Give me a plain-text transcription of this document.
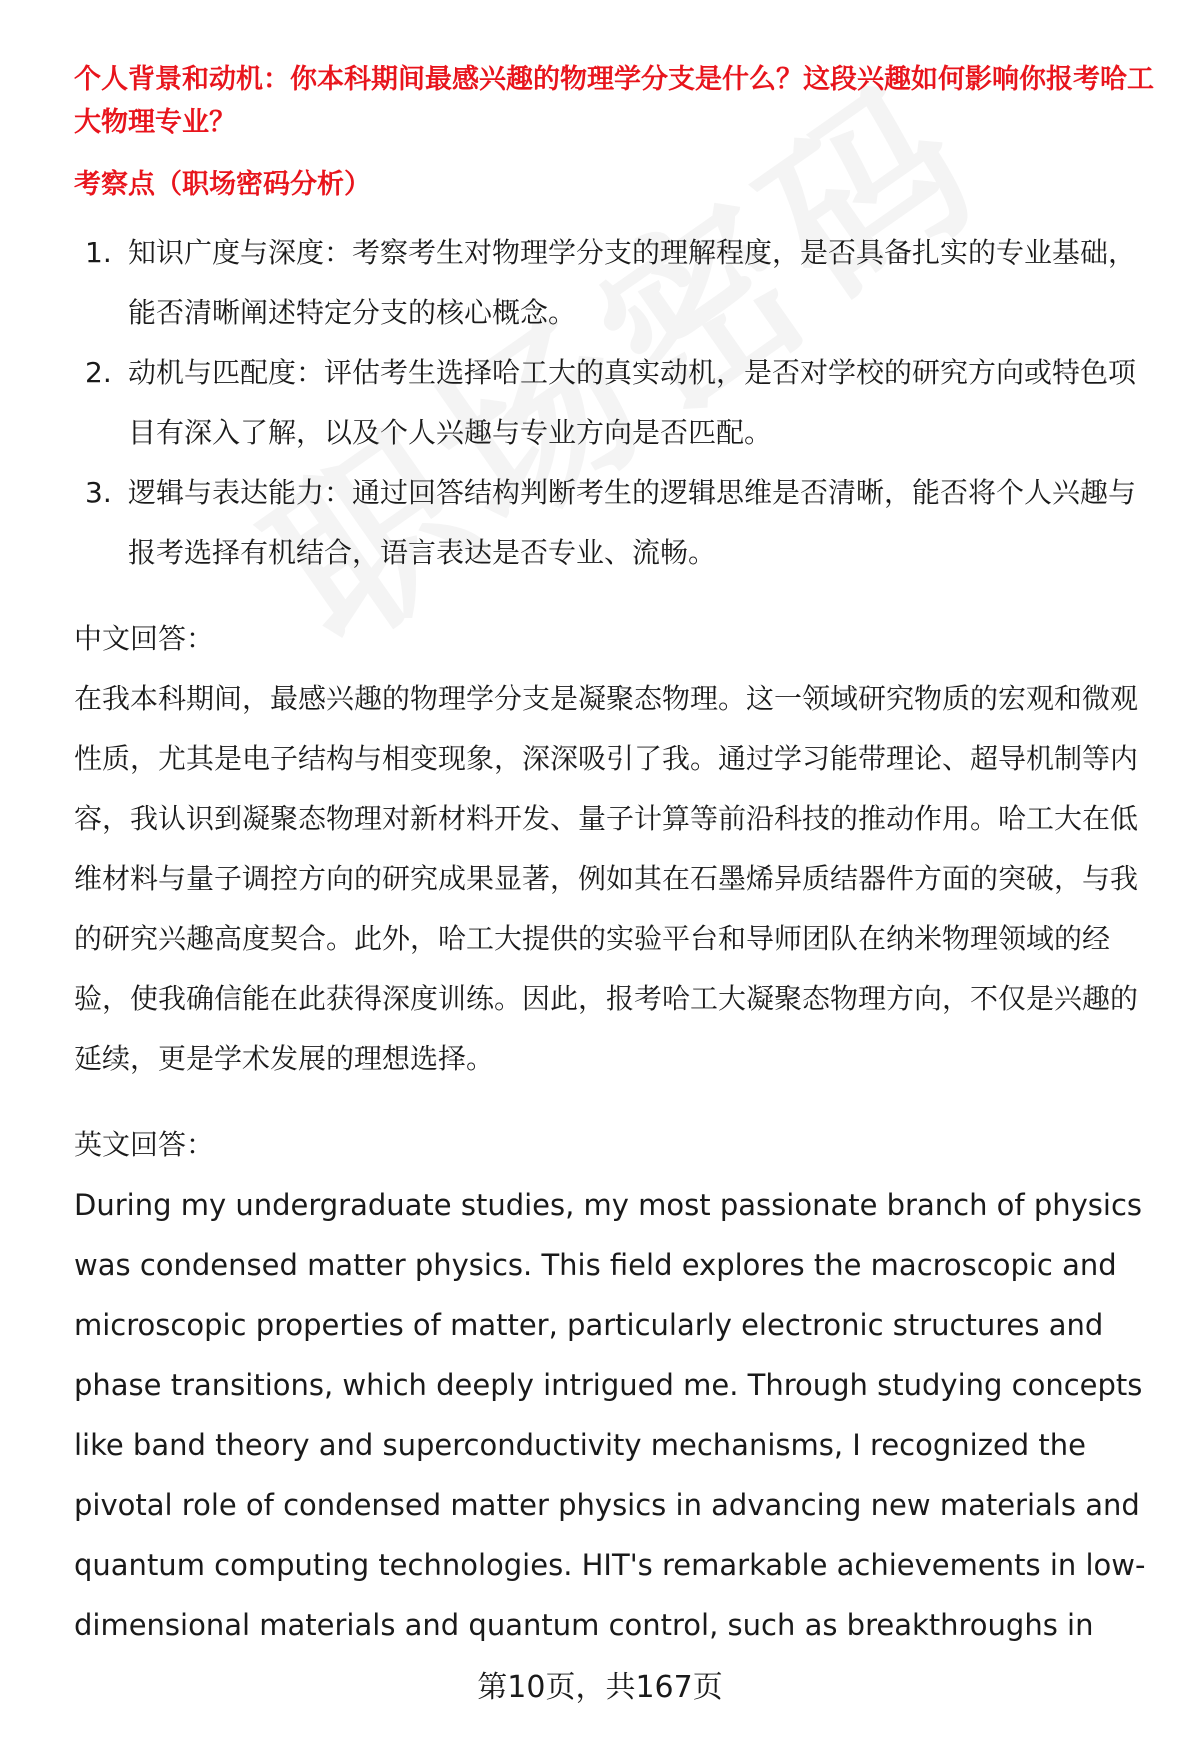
个人背景和动机：你本科期间最感兴趣的物理学分支是什么？这段兴趣如何影响你报考哈工大物理专业？
考察点（职场密码分析）
1. 知识广度与深度：考察考生对物理学分支的理解程度，是否具备扎实的专业基础，能否清晰阐述特定分支的核心概念。
2. 动机与匹配度：评估考生选择哈工大的真实动机，是否对学校的研究方向或特色项目有深入了解，以及个人兴趣与专业方向是否匹配。
3. 逻辑与表达能力：通过回答结构判断考生的逻辑思维是否清晰，能否将个人兴趣与报考选择有机结合，语言表达是否专业、流畅。
中文回答：

在我本科期间，最感兴趣的物理学分支是凝聚态物理。这一领域研究物质的宏观和微观性质，尤其是电子结构与相变现象，深深吸引了我。通过学习能带理论、超导机制等内容，我认识到凝聚态物理对新材料开发、量子计算等前沿科技的推动作用。哈工大在低维材料与量子调控方向的研究成果显著，例如其在石墨烯异质结器件方面的突破，与我的研究兴趣高度契合。此外，哈工大提供的实验平台和导师团队在纳米物理领域的经验，使我确信能在此获得深度训练。因此，报考哈工大凝聚态物理方向，不仅是兴趣的延续，更是学术发展的理想选择。

英文回答：

During my undergraduate studies, my most passionate branch of physics was condensed matter physics. This field explores the macroscopic and microscopic properties of matter, particularly electronic structures and phase transitions, which deeply intrigued me. Through studying concepts like band theory and superconductivity mechanisms, I recognized the pivotal role of condensed matter physics in advancing new materials and quantum computing technologies. HIT's remarkable achievements in low-dimensional materials and quantum control, such as breakthroughs in

第10页，共167页
